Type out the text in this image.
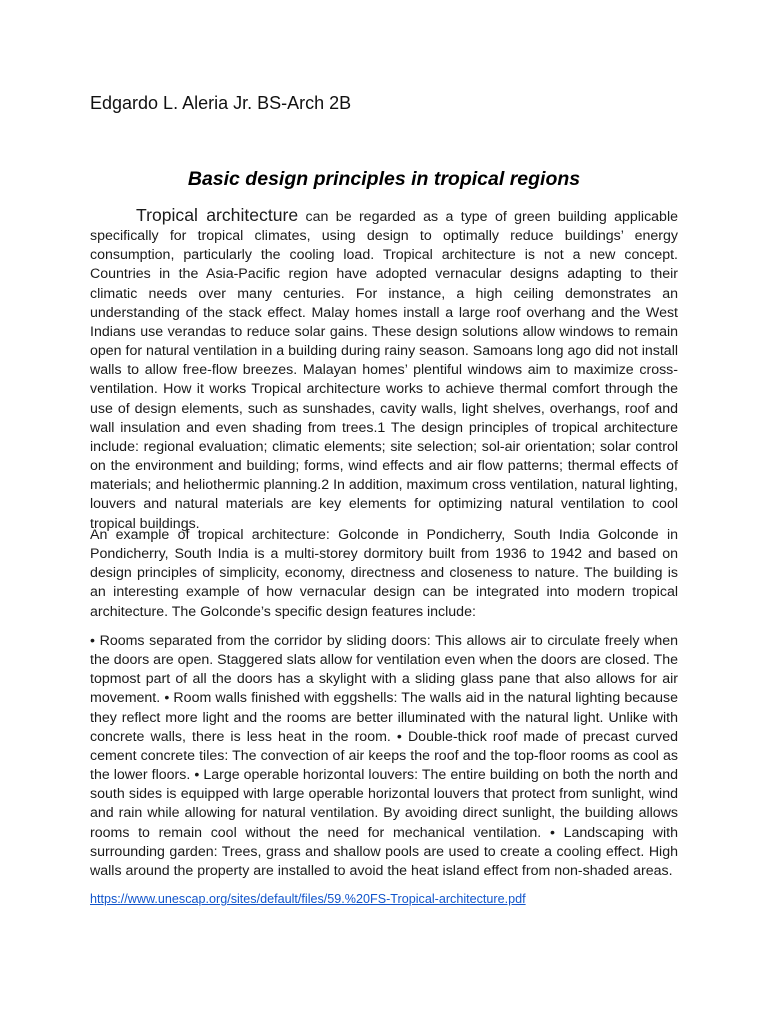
Edgardo L. Aleria Jr. BS-Arch 2B
Basic design principles in tropical regions

Tropical architecture can be regarded as a type of green building applicable specifically for tropical climates, using design to optimally reduce buildings’ energy consumption, particularly the cooling load. Tropical architecture is not a new concept. Countries in the Asia-Pacific region have adopted vernacular designs adapting to their climatic needs over many centuries. For instance, a high ceiling demonstrates an understanding of the stack effect. Malay homes install a large roof overhang and the West Indians use verandas to reduce solar gains. These design solutions allow windows to remain open for natural ventilation in a building during rainy season. Samoans long ago did not install walls to allow free-flow breezes. Malayan homes’ plentiful windows aim to maximize cross-ventilation. How it works Tropical architecture works to achieve thermal comfort through the use of design elements, such as sunshades, cavity walls, light shelves, overhangs, roof and wall insulation and even shading from trees.1 The design principles of tropical architecture include: regional evaluation; climatic elements; site selection; sol-air orientation; solar control on the environment and building; forms, wind effects and air flow patterns; thermal effects of materials; and heliothermic planning.2 In addition, maximum cross ventilation, natural lighting, louvers and natural materials are key elements for optimizing natural ventilation to cool tropical buildings.

An example of tropical architecture: Golconde in Pondicherry, South India Golconde in Pondicherry, South India is a multi-storey dormitory built from 1936 to 1942 and based on design principles of simplicity, economy, directness and closeness to nature. The building is an interesting example of how vernacular design can be integrated into modern tropical architecture. The Golconde’s specific design features include:

• Rooms separated from the corridor by sliding doors: This allows air to circulate freely when the doors are open. Staggered slats allow for ventilation even when the doors are closed. The topmost part of all the doors has a skylight with a sliding glass pane that also allows for air movement. • Room walls finished with eggshells: The walls aid in the natural lighting because they reflect more light and the rooms are better illuminated with the natural light. Unlike with concrete walls, there is less heat in the room. • Double-thick roof made of precast curved cement concrete tiles: The convection of air keeps the roof and the top-floor rooms as cool as the lower floors. • Large operable horizontal louvers: The entire building on both the north and south sides is equipped with large operable horizontal louvers that protect from sunlight, wind and rain while allowing for natural ventilation. By avoiding direct sunlight, the building allows rooms to remain cool without the need for mechanical ventilation. • Landscaping with surrounding garden: Trees, grass and shallow pools are used to create a cooling effect. High walls around the property are installed to avoid the heat island effect from non-shaded areas.

https://www.unescap.org/sites/default/files/59.%20FS-Tropical-architecture.pdf
